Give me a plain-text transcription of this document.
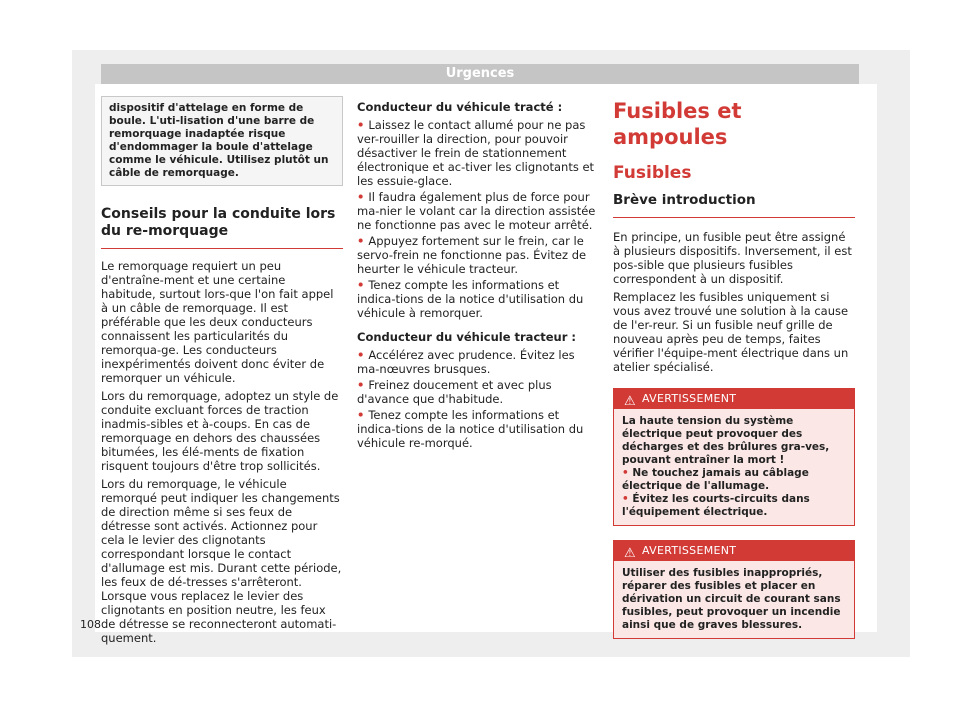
Urgences
dispositif d'attelage en forme de boule. L'uti-lisation d'une barre de remorquage inadaptée risque d'endommager la boule d'attelage comme le véhicule. Utilisez plutôt un câble de remorquage.
Conseils pour la conduite lors du re-morquage

Le remorquage requiert un peu d'entraîne-ment et une certaine habitude, surtout lors-que l'on fait appel à un câble de remorquage. Il est préférable que les deux conducteurs connaissent les particularités du remorqua-ge. Les conducteurs inexpérimentés doivent donc éviter de remorquer un véhicule.

Lors du remorquage, adoptez un style de conduite excluant forces de traction inadmis-sibles et à-coups. En cas de remorquage en dehors des chaussées bitumées, les élé-ments de fixation risquent toujours d'être trop sollicités.

Lors du remorquage, le véhicule remorqué peut indiquer les changements de direction même si ses feux de détresse sont activés. Actionnez pour cela le levier des clignotants correspondant lorsque le contact d'allumage est mis. Durant cette période, les feux de dé-tresses s'arrêteront. Lorsque vous replacez le levier des clignotants en position neutre, les feux de détresse se reconnecteront automati-quement.

Conducteur du véhicule tracté :

• Laissez le contact allumé pour ne pas ver-rouiller la direction, pour pouvoir désactiver le frein de stationnement électronique et ac-tiver les clignotants et les essuie-glace.

• Il faudra également plus de force pour ma-nier le volant car la direction assistée ne fonctionne pas avec le moteur arrêté.

• Appuyez fortement sur le frein, car le servo-frein ne fonctionne pas. Évitez de heurter le véhicule tracteur.

• Tenez compte les informations et indica-tions de la notice d'utilisation du véhicule à remorquer.

Conducteur du véhicule tracteur :

• Accélérez avec prudence. Évitez les ma-nœuvres brusques.

• Freinez doucement et avec plus d'avance que d'habitude.

• Tenez compte les informations et indica-tions de la notice d'utilisation du véhicule re-morqué.

Fusibles et ampoules
Fusibles
Brève introduction

En principe, un fusible peut être assigné à plusieurs dispositifs. Inversement, il est pos-sible que plusieurs fusibles correspondent à un dispositif.

Remplacez les fusibles uniquement si vous avez trouvé une solution à la cause de l'er-reur. Si un fusible neuf grille de nouveau après peu de temps, faites vérifier l'équipe-ment électrique dans un atelier spécialisé.

⚠ AVERTISSEMENT
La haute tension du système électrique peut provoquer des décharges et des brûlures gra-ves, pouvant entraîner la mort !
• Ne touchez jamais au câblage électrique de l'allumage.
• Évitez les courts-circuits dans l'équipement électrique.
⚠ AVERTISSEMENT
Utiliser des fusibles inappropriés, réparer des fusibles et placer en dérivation un circuit de courant sans fusibles, peut provoquer un incendie ainsi que de graves blessures.
108
